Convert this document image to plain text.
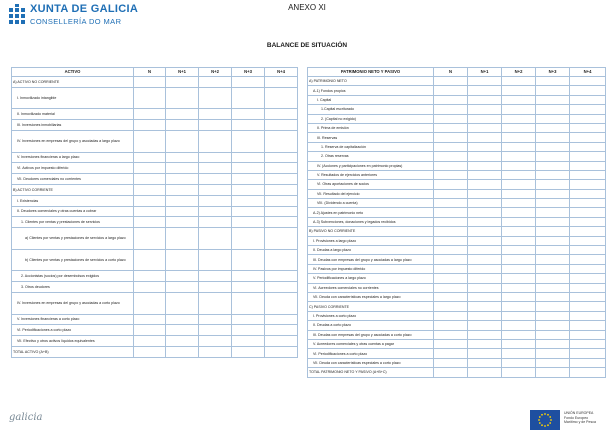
XUNTA DE GALICIA
CONSELLERÍA DO MAR
ANEXO XI
BALANCE DE SITUACIÓN
ACTIVO	N	N+1	N+2	N+3	N+4
A) ACTIVO NO CORRIENTE					
I. Inmovilizado intangible					
II. Inmovilizado material					
III. Inversiones inmobiliarias					
IV. Inversiones en empresas del grupo y asociadas a largo plazo					
V. Inversiones financieras a largo plazo					
VI. Activos por impuesto diferido					
VII. Deudores comerciales no corrientes					
B) ACTIVO CORRIENTE					
I. Existencias					
II. Deudores comerciales y otras cuentas a cobrar					
1. Clientes por ventas y prestaciones de servicios					
a) Clientes por ventas y prestaciones de servicios a largo plazo					
b) Clientes por ventas y prestaciones de servicios a corto plazo					
2. Accionistas (socios) por desembolsos exigidos					
3. Otros deudores					
IV. Inversiones en empresas del grupo y asociadas a corto plazo					
V. Inversiones financieras a corto plazo					
VI. Periodificaciones a corto plazo					
VII. Efectivo y otros activos líquidos equivalentes					
TOTAL ACTIVO (A+B)					
PATRIMONIO NETO Y PASIVO	N	N+1	N+2	N+3	N+4
A) PATRIMONIO NETO					
A-1) Fondos propios					
I. Capital					
1.Capital escriturado					
2. (Capital no exigido)					
II. Prima de emisión					
III. Reservas					
1. Reserva de capitalización					
2. Otras reservas					
IV. (Acciones y participaciones en patrimonio propias)					
V. Resultados de ejercicios anteriores					
VI. Otras aportaciones de socios					
VII. Resultado del ejercicio					
VIII. (Dividendo a cuenta)					
A-2) Ajustes en patrimonio neto					
A-3) Subvenciones, donaciones y legados recibidos					
B) PASIVO NO CORRIENTE					
I. Provisiones a largo plazo					
II. Deudas a largo plazo					
III. Deudas con empresas del grupo y asociadas a largo plazo					
IV. Pasivos por impuesto diferido					
V. Periodificaciones a largo plazo					
VI. Acreedores comerciales no corrientes					
VII. Deuda con características especiales a largo plazo					
C) PASIVO CORRIENTE					
I. Provisiones a corto plazo					
II. Deudas a corto plazo					
III. Deudas con empresas del grupo y asociadas a corto plazo					
V. Acreedores comerciales y otras cuentas a pagar					
VI. Periodificaciones a corto plazo					
VII. Deuda con características especiales a corto plazo					
TOTAL PATRIMONIO NETO Y PASIVO (A+B+C)					
galicia	UNIÓN EUROPEA
Fondo Europeo
Marítimo y de Pesca
